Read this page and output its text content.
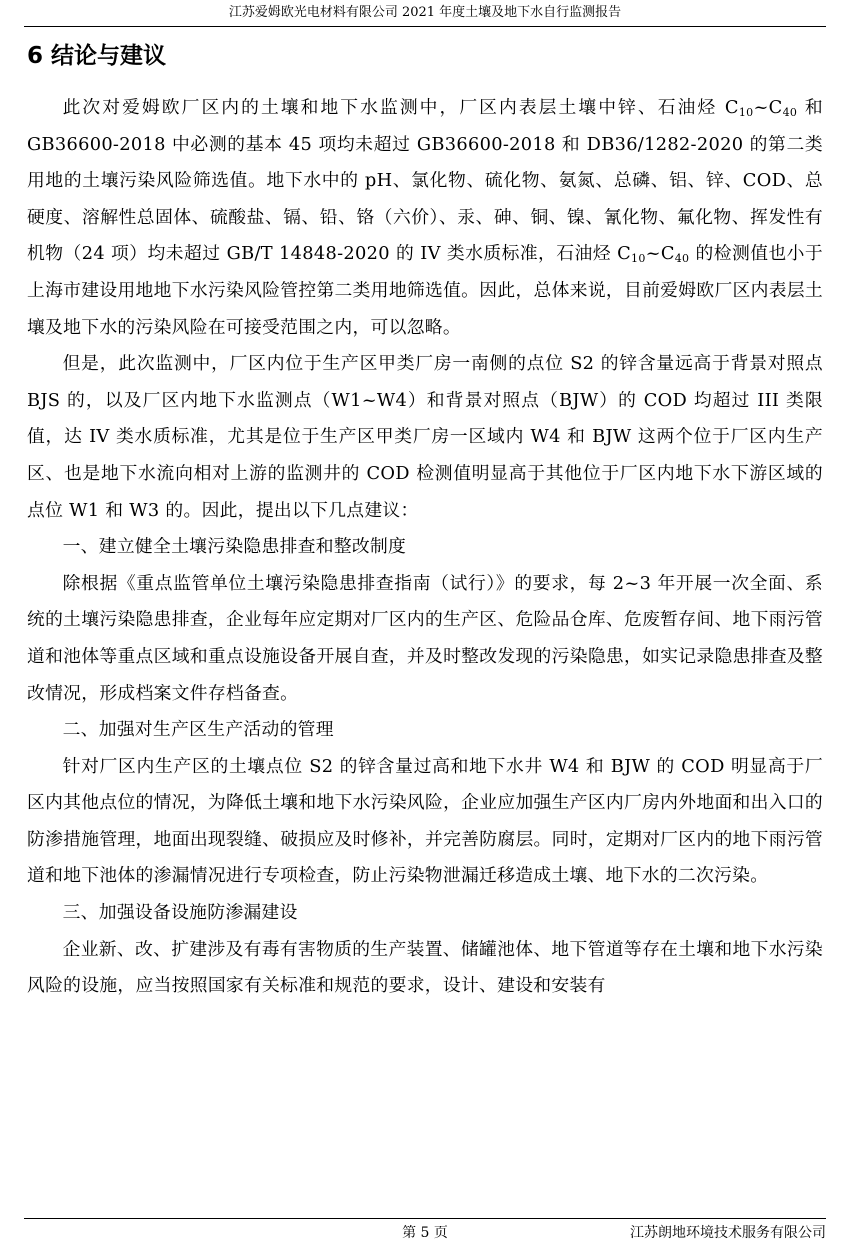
江苏爱姆欧光电材料有限公司 2021 年度土壤及地下水自行监测报告
6 结论与建议

此次对爱姆欧厂区内的土壤和地下水监测中，厂区内表层土壤中锌、石油烃 $C_{10}\sim C_{40}$ 和 GB36600-2018 中必测的基本 45 项均未超过 GB36600-2018 和 DB36/1282-2020 的第二类用地的土壤污染风险筛选值。地下水中的 pH、氯化物、硫化物、氨氮、总磷、铝、锌、COD、总硬度、溶解性总固体、硫酸盐、镉、铅、铬（六价）、汞、砷、铜、镍、氰化物、氟化物、挥发性有机物（24 项）均未超过 GB/T 14848-2020 的 IV 类水质标准，石油烃 $C_{10}\sim C_{40}$ 的检测值也小于上海市建设用地地下水污染风险管控第二类用地筛选值。因此，总体来说，目前爱姆欧厂区内表层土壤及地下水的污染风险在可接受范围之内，可以忽略。

但是，此次监测中，厂区内位于生产区甲类厂房一南侧的点位 S2 的锌含量远高于背景对照点 BJS 的，以及厂区内地下水监测点（W1~W4）和背景对照点（BJW）的 COD 均超过 III 类限值，达 IV 类水质标准，尤其是位于生产区甲类厂房一区域内 W4 和 BJW 这两个位于厂区内生产区、也是地下水流向相对上游的监测井的 COD 检测值明显高于其他位于厂区内地下水下游区域的点位 W1 和 W3 的。因此，提出以下几点建议：

一、建立健全土壤污染隐患排查和整改制度

除根据《重点监管单位土壤污染隐患排查指南（试行）》的要求，每 2~3 年开展一次全面、系统的土壤污染隐患排查，企业每年应定期对厂区内的生产区、危险品仓库、危废暂存间、地下雨污管道和池体等重点区域和重点设施设备开展自查，并及时整改发现的污染隐患，如实记录隐患排查及整改情况，形成档案文件存档备查。

二、加强对生产区生产活动的管理

针对厂区内生产区的土壤点位 S2 的锌含量过高和地下水井 W4 和 BJW 的 COD 明显高于厂区内其他点位的情况，为降低土壤和地下水污染风险，企业应加强生产区内厂房内外地面和出入口的防渗措施管理，地面出现裂缝、破损应及时修补，并完善防腐层。同时，定期对厂区内的地下雨污管道和地下池体的渗漏情况进行专项检查，防止污染物泄漏迁移造成土壤、地下水的二次污染。

三、加强设备设施防渗漏建设

企业新、改、扩建涉及有毒有害物质的生产装置、储罐池体、地下管道等存在土壤和地下水污染风险的设施，应当按照国家有关标准和规范的要求，设计、建设和安装有

第 5 页	江苏朗地环境技术服务有限公司
